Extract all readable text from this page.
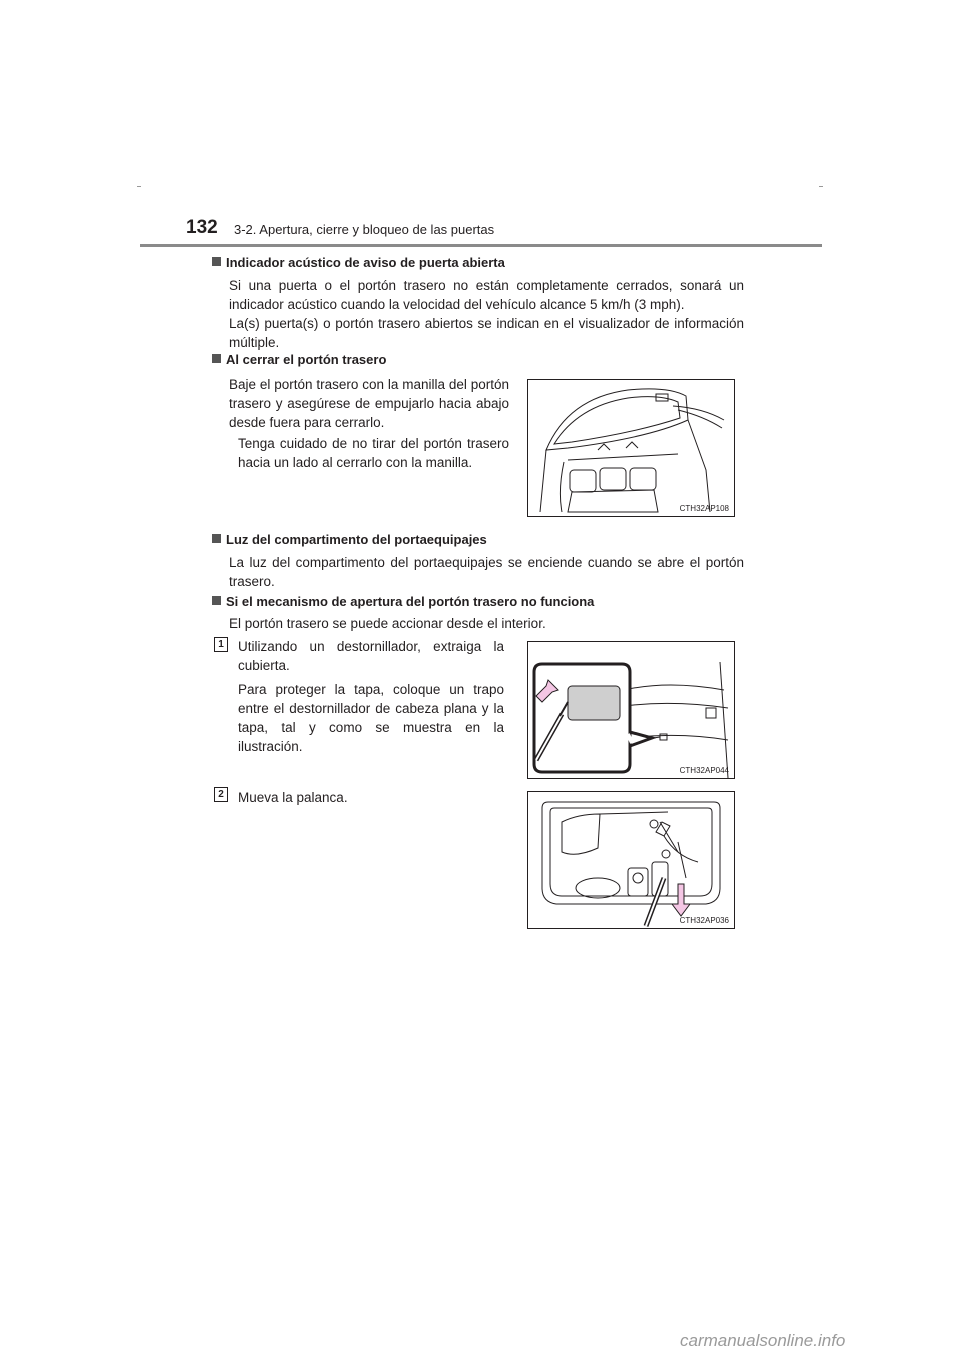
132 3-2. Apertura, cierre y bloqueo de las puertas
Indicador acústico de aviso de puerta abierta
Si una puerta o el portón trasero no están completamente cerrados, sonará un indicador acústico cuando la velocidad del vehículo alcance 5 km/h (3 mph).
La(s) puerta(s) o portón trasero abiertos se indican en el visualizador de información múltiple.
Al cerrar el portón trasero
Baje el portón trasero con la manilla del portón trasero y asegúrese de empujarlo hacia abajo desde fuera para cerrarlo.
Tenga cuidado de no tirar del portón trasero hacia un lado al cerrarlo con la manilla.
CTH32AP108
Luz del compartimento del portaequipajes
La luz del compartimento del portaequipajes se enciende cuando se abre el portón trasero.
Si el mecanismo de apertura del portón trasero no funciona
El portón trasero se puede accionar desde el interior.
1	Utilizando un destornillador, extraiga la cubierta.
Para proteger la tapa, coloque un trapo entre el destornillador de cabeza plana y la tapa, tal y como se muestra en la ilustración.
CTH32AP044
2	Mueva la palanca.
CTH32AP036
carmanualsonline.info
